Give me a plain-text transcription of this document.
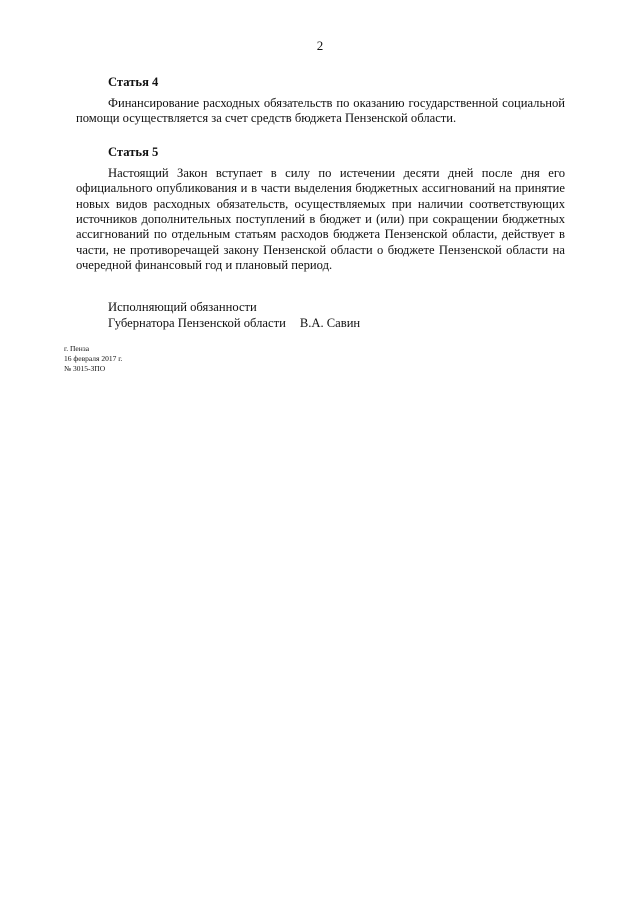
2
Статья 4

Финансирование расходных обязательств по оказанию государственной социальной помощи осуществляется за счет средств бюджета Пензенской области.

Статья 5

Настоящий Закон вступает в силу по истечении десяти дней после дня его официального опубликования и в части выделения бюджетных ассигнований на принятие новых видов расходных обязательств, осуществляемых при наличии соответствующих источников дополнительных поступлений в бюджет и (или) при сокращении бюджетных ассигнований по отдельным статьям расходов бюджета Пензенской области, действует в части, не противоречащей закону Пензенской области о бюджете Пензенской области на очередной финансовый год и плановый период.

Исполняющий обязанности
Губернатора Пензенской области В.А. Савин
г. Пенза
16 февраля 2017 г.
№ 3015-ЗПО
